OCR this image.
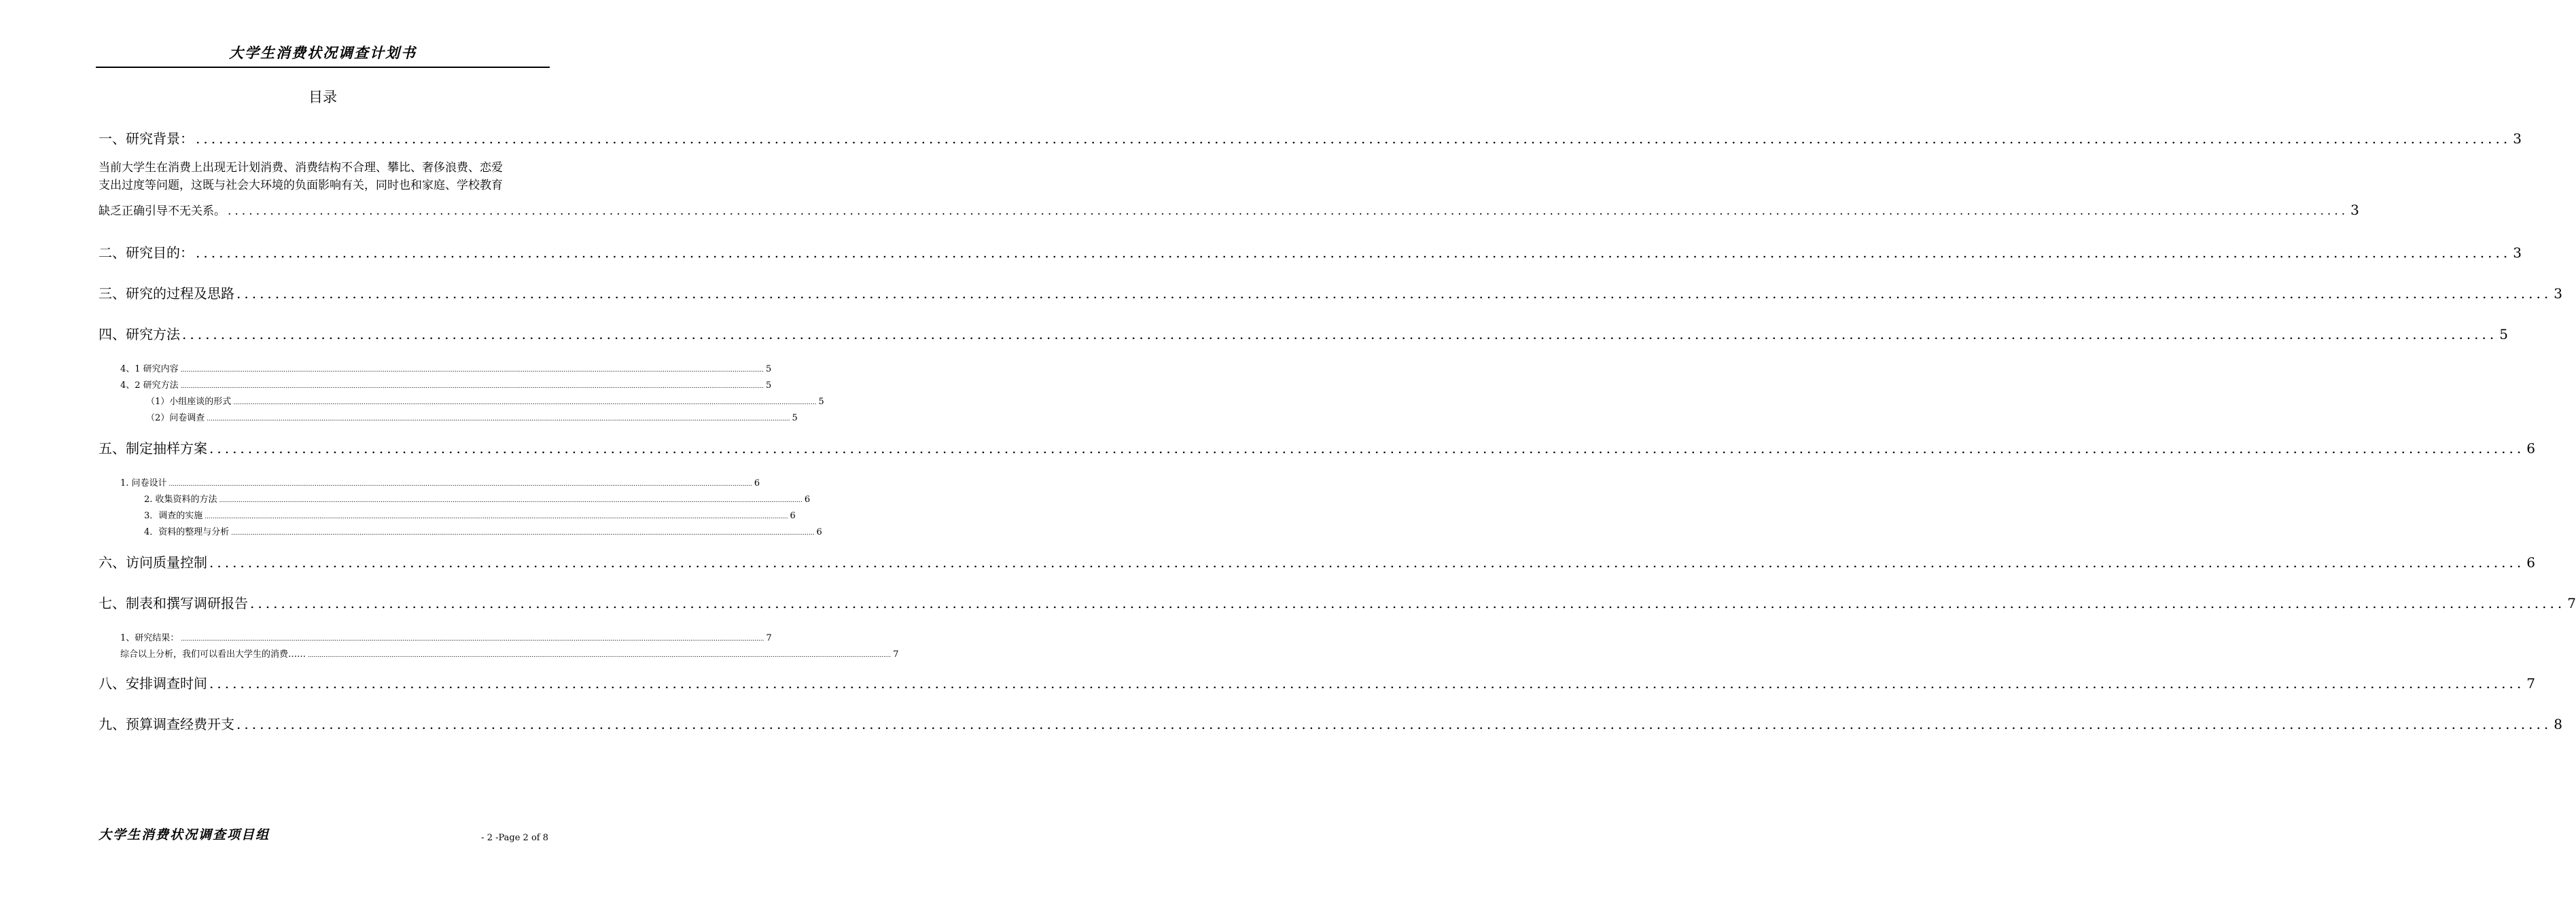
大学生消费状况调查计划书
目录
一、研究背景： ............................................................................................................................................................................................................................................................................................................ 3
当前大学生在消费上出现无计划消费、消费结构不合理、攀比、奢侈浪费、恋爱
支出过度等问题，这既与社会大环境的负面影响有关，同时也和家庭、学校教育
缺乏正确引导不无关系。 ............................................................................................................................................................................................................................................................................................................ 3
二、研究目的： ............................................................................................................................................................................................................................................................................................................ 3
三、研究的过程及思路 ............................................................................................................................................................................................................................................................................................................ 3
四、研究方法 ............................................................................................................................................................................................................................................................................................................ 5
4、1 研究内容 ............................................................................................................................................................................................................................................................................................................ 5
4、2 研究方法 ............................................................................................................................................................................................................................................................................................................ 5
（1）小组座谈的形式 ............................................................................................................................................................................................................................................................................................................ 5
（2）问卷调查 ............................................................................................................................................................................................................................................................................................................ 5
五、制定抽样方案 ............................................................................................................................................................................................................................................................................................................ 6
1. 问卷设计 ............................................................................................................................................................................................................................................................................................................ 6
2. 收集资料的方法 ............................................................................................................................................................................................................................................................................................................ 6
3．调查的实施 ............................................................................................................................................................................................................................................................................................................ 6
4．资料的整理与分析 ............................................................................................................................................................................................................................................................................................................ 6
六、访问质量控制 ............................................................................................................................................................................................................................................................................................................ 6
七、制表和撰写调研报告 ............................................................................................................................................................................................................................................................................................................ 7
1、研究结果： ............................................................................................................................................................................................................................................................................................................ 7
综合以上分析，我们可以看出大学生的消费…… ............................................................................................................................................................................................................................................................................................................ 7
八、安排调查时间 ............................................................................................................................................................................................................................................................................................................ 7
九、预算调查经费开支 ............................................................................................................................................................................................................................................................................................................ 8
大学生消费状况调查项目组	- 2 -Page 2 of 8
